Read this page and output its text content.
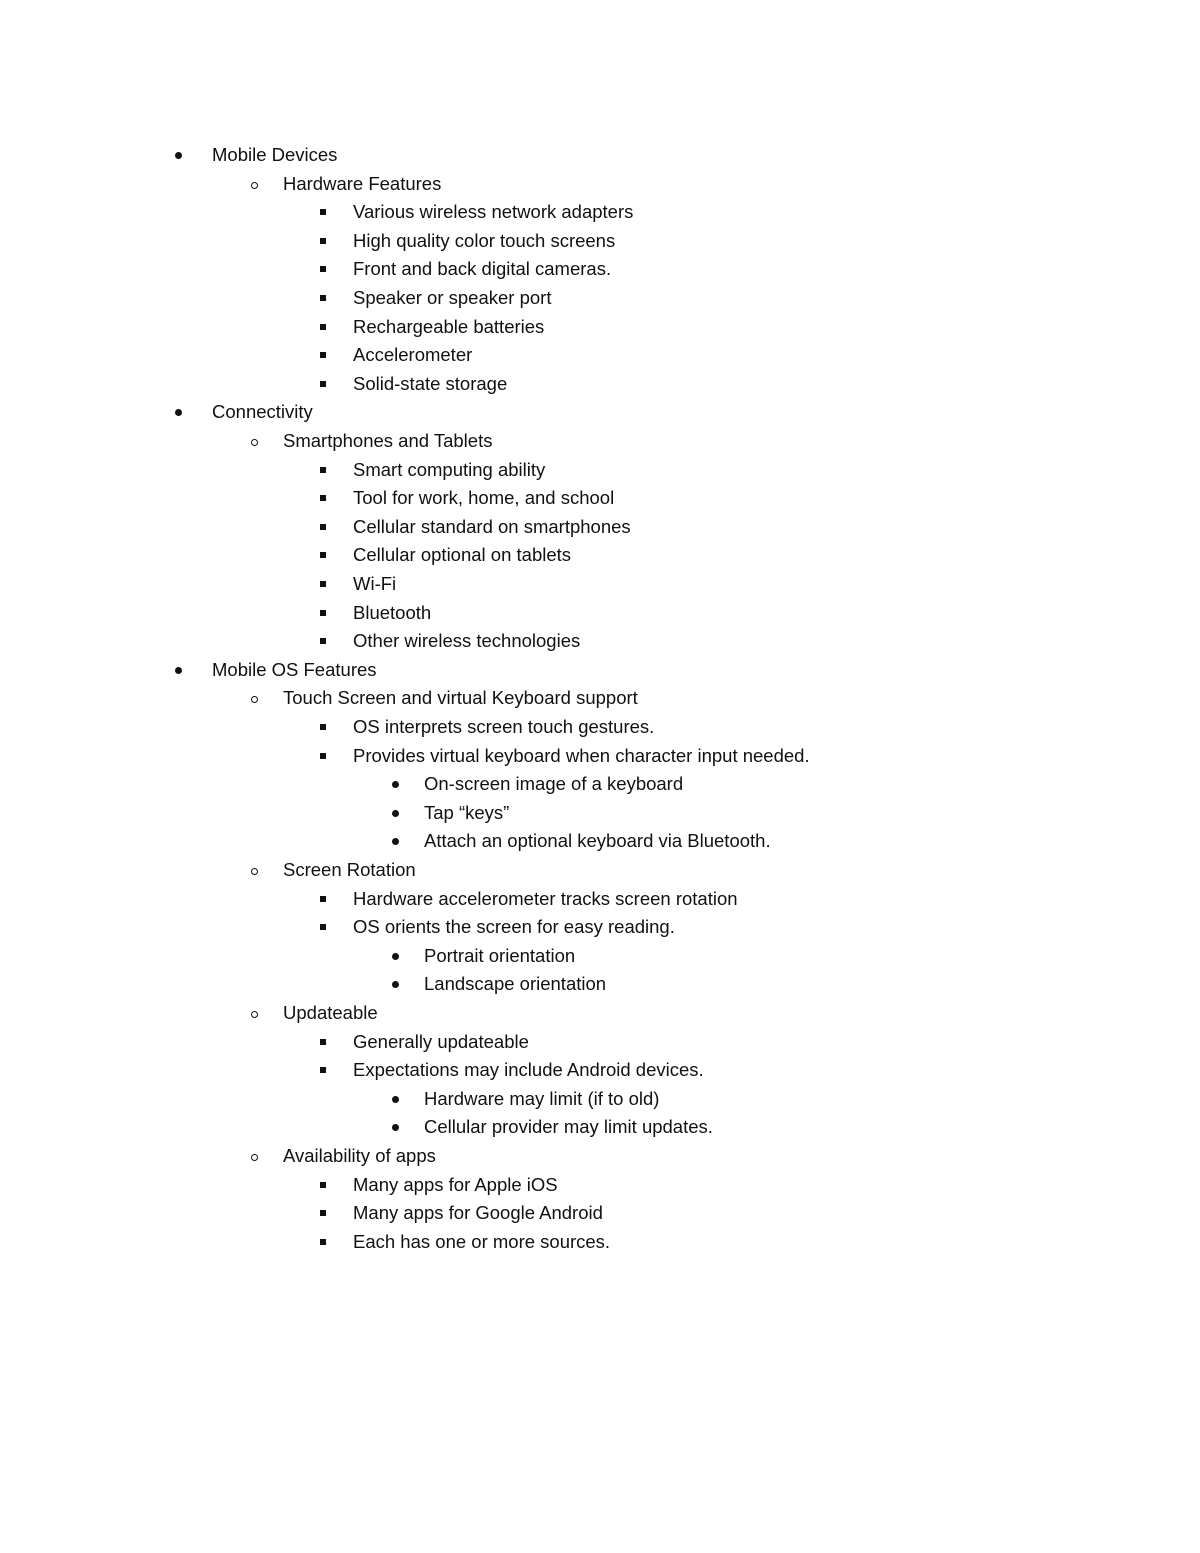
Mobile Devices
Hardware Features
Various wireless network adapters
High quality color touch screens
Front and back digital cameras.
Speaker or speaker port
Rechargeable batteries
Accelerometer
Solid-state storage
Connectivity
Smartphones and Tablets
Smart computing ability
Tool for work, home, and school
Cellular standard on smartphones
Cellular optional on tablets
Wi-Fi
Bluetooth
Other wireless technologies
Mobile OS Features
Touch Screen and virtual Keyboard support
OS interprets screen touch gestures.
Provides virtual keyboard when character input needed.
On-screen image of a keyboard
Tap “keys”
Attach an optional keyboard via Bluetooth.
Screen Rotation
Hardware accelerometer tracks screen rotation
OS orients the screen for easy reading.
Portrait orientation
Landscape orientation
Updateable
Generally updateable
Expectations may include Android devices.
Hardware may limit (if to old)
Cellular provider may limit updates.
Availability of apps
Many apps for Apple iOS
Many apps for Google Android
Each has one or more sources.
